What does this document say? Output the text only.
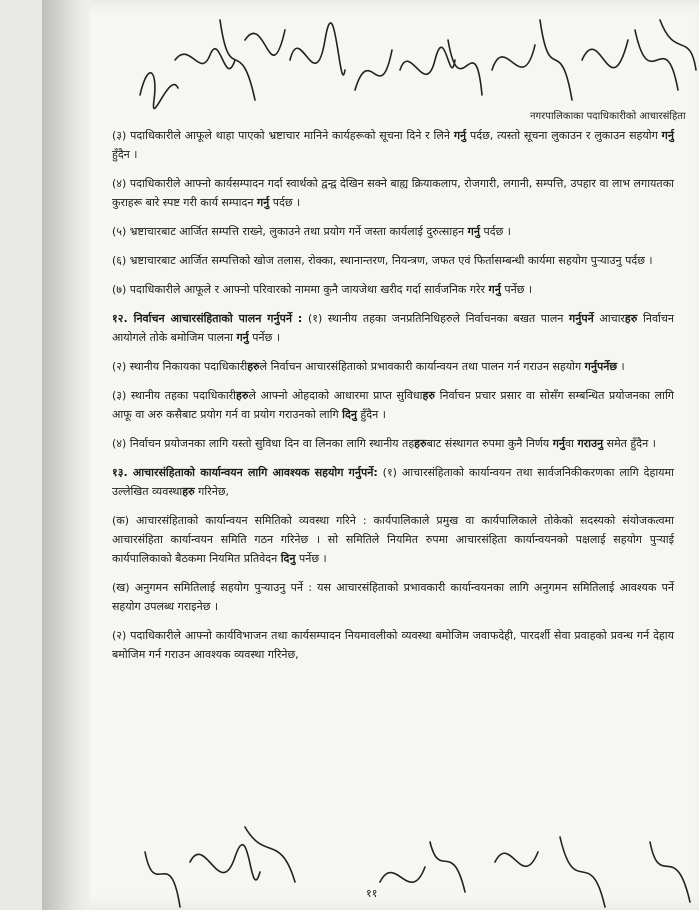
नगरपालिकाका पदाधिकारीको आचारसंहिता

(३) पदाधिकारीले आफूले थाहा पाएको भ्रष्टाचार मानिने कार्यहरूको सूचना दिने र लिने गर्नु पर्दछ, त्यस्तो सूचना लुकाउन र लुकाउन सहयोग गर्नु हुँदैन ।

(४) पदाधिकारीले आफ्नो कार्यसम्पादन गर्दा स्वार्थको द्वन्द्व देखिन सक्ने बाह्य क्रियाकलाप, रोजगारी, लगानी, सम्पत्ति, उपहार वा लाभ लगायतका कुराहरू बारे स्पष्ट गरी कार्य सम्पादन गर्नु पर्दछ ।

(५) भ्रष्टाचारबाट आर्जित सम्पत्ति राख्ने, लुकाउने तथा प्रयोग गर्ने जस्ता कार्यलाई दुरुत्साहन गर्नु पर्दछ ।

(६) भ्रष्टाचारबाट आर्जित सम्पत्तिको खोज तलास, रोक्का, स्थानान्तरण, नियन्त्रण, जफत एवं फिर्तासम्बन्धी कार्यमा सहयोग पुऱ्याउनु पर्दछ ।

(७) पदाधिकारीले आफूले र आफ्नो परिवारको नाममा कुनै जायजेथा खरीद गर्दा सार्वजनिक गरेर गर्नु पर्नेछ ।

१२. निर्वाचन आचारसंहिताको पालन गर्नुपर्ने : (१) स्थानीय तहका जनप्रतिनिधिहरुले निर्वाचनका बखत पालन गर्नुपर्ने आचारहरु निर्वाचन आयोगले तोके बमोजिम पालना गर्नु पर्नेछ ।

(२) स्थानीय निकायका पदाधिकारीहरुले निर्वाचन आचारसंहिताको प्रभावकारी कार्यान्वयन तथा पालन गर्न गराउन सहयोग गर्नुपर्नेछ ।

(३) स्थानीय तहका पदाधिकारीहरुले आफ्नो ओहदाको आधारमा प्राप्त सुविधाहरु निर्वाचन प्रचार प्रसार वा सोसँग सम्बन्धित प्रयोजनका लागि आफू वा अरु कसैबाट प्रयोग गर्न वा प्रयोग गराउनको लागि दिनु हुँदैन ।

(४) निर्वाचन प्रयोजनका लागि यस्तो सुविधा दिन वा लिनका लागि स्थानीय तहहरुबाट संस्थागत रुपमा कुनै निर्णय गर्नुवा गराउनु समेत हुँदैन ।

१३. आचारसंहिताको कार्यान्वयन लागि आवश्यक सहयोग गर्नुपर्ने: (१) आचारसंहिताको कार्यान्वयन तथा सार्वजनिकीकरणका लागि देहायमा उल्लेखित व्यवस्थाहरु गरिनेछ,

(क) आचारसंहिताको कार्यान्वयन समितिको व्यवस्था गरिने : कार्यपालिकाले प्रमुख वा कार्यपालिकाले तोकेको सदस्यको संयोजकत्वमा आचारसंहिता कार्यान्वयन समिति गठन गरिनेछ । सो समितिले नियमित रुपमा आचारसंहिता कार्यान्वयनको पक्षलाई सहयोग पुऱ्याई कार्यपालिकाको बैठकमा नियमित प्रतिवेदन दिनु पर्नेछ ।

(ख) अनुगमन समितिलाई सहयोग पुऱ्याउनु पर्ने : यस आचारसंहिताको प्रभावकारी कार्यान्वयनका लागि अनुगमन समितिलाई आवश्यक पर्ने सहयोग उपलब्ध गराइनेछ ।

(२) पदाधिकारीले आफ्नो कार्यविभाजन तथा कार्यसम्पादन नियमावलीको व्यवस्था बमोजिम जवाफदेही, पारदर्शी सेवा प्रवाहको प्रवन्ध गर्न देहाय बमोजिम गर्न गराउन आवश्यक व्यवस्था गरिनेछ,

११
